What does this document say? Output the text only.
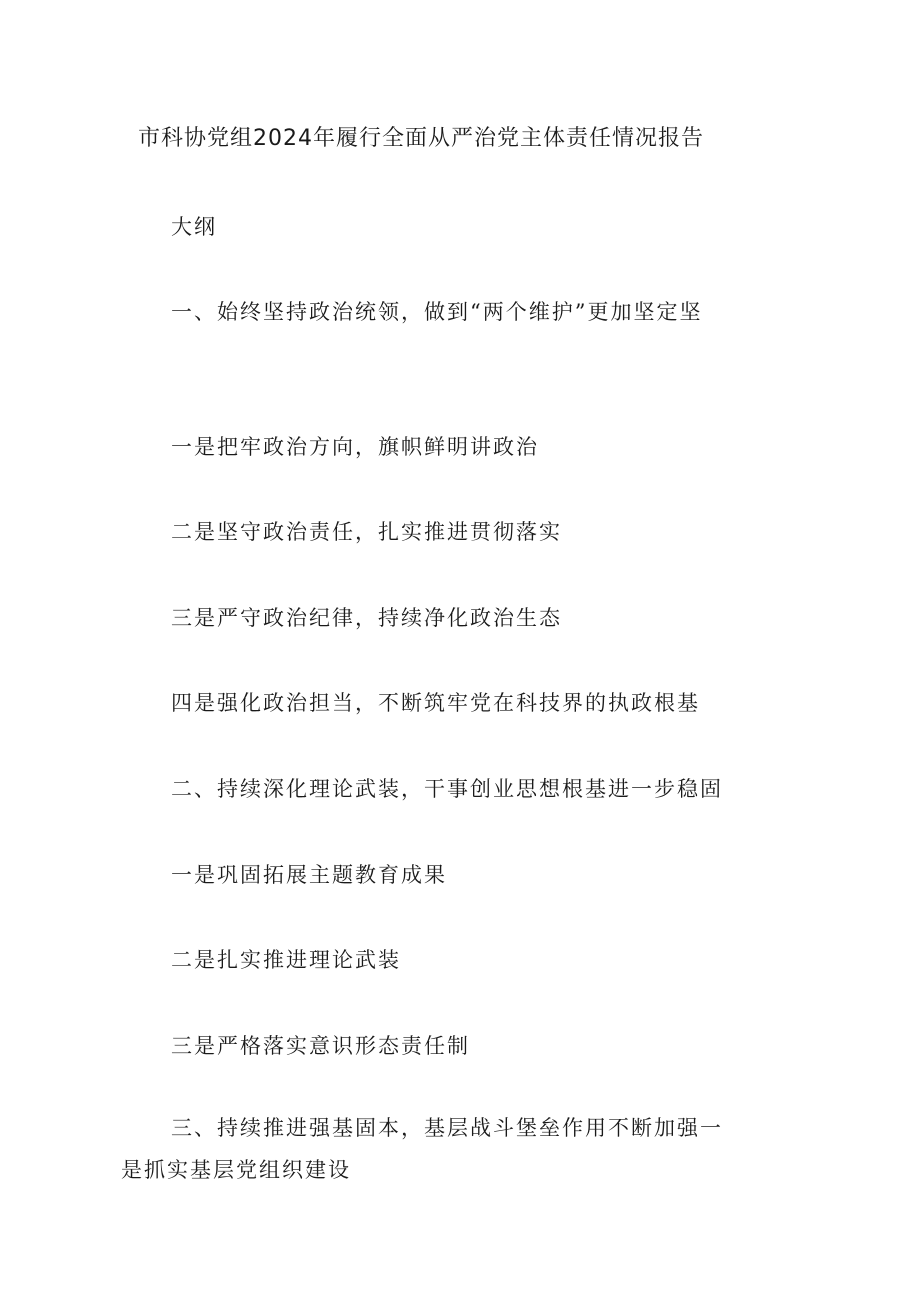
市科协党组2024年履行全面从严治党主体责任情况报告
大纲
一、始终坚持政治统领，做到“两个维护”更加坚定坚
一是把牢政治方向，旗帜鲜明讲政治
二是坚守政治责任，扎实推进贯彻落实
三是严守政治纪律，持续净化政治生态
四是强化政治担当，不断筑牢党在科技界的执政根基
二、持续深化理论武装，干事创业思想根基进一步稳固
一是巩固拓展主题教育成果
二是扎实推进理论武装
三是严格落实意识形态责任制
三、持续推进强基固本，基层战斗堡垒作用不断加强一是抓实基层党组织建设
